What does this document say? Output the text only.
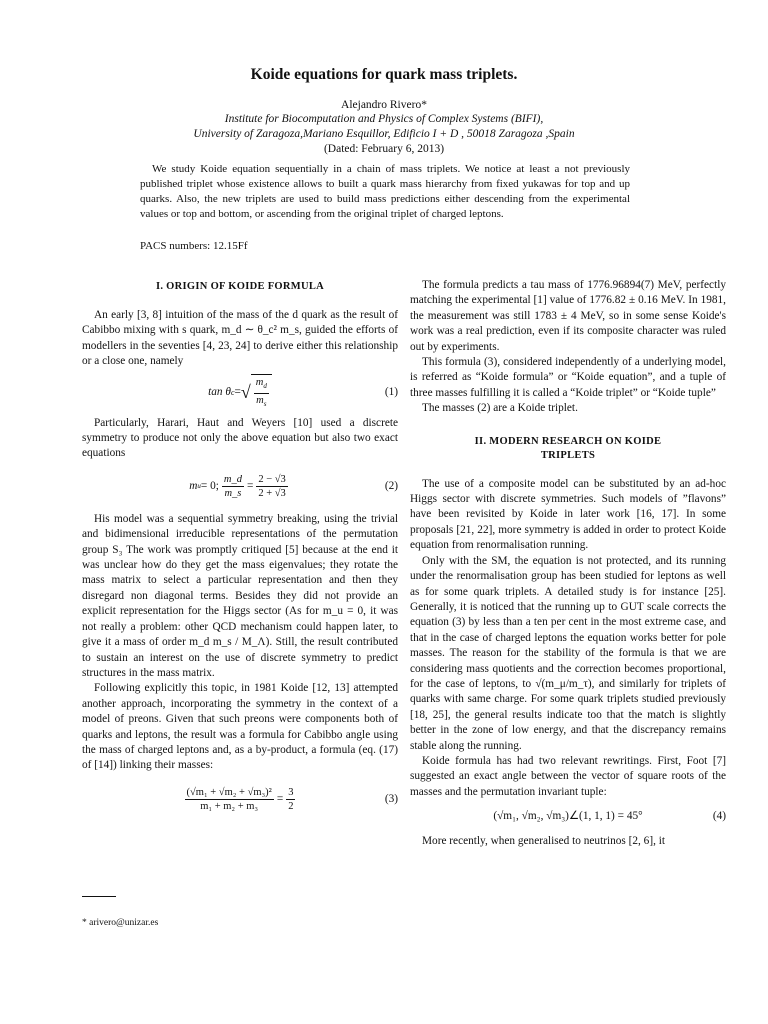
Koide equations for quark mass triplets.
Alejandro Rivero*
Institute for Biocomputation and Physics of Complex Systems (BIFI),
University of Zaragoza,Mariano Esquillor, Edificio I + D , 50018 Zaragoza ,Spain
(Dated: February 6, 2013)

We study Koide equation sequentially in a chain of mass triplets. We notice at least a not previously published triplet whose existence allows to built a quark mass hierarchy from fixed yukawas for top and up quarks. Also, the new triplets are used to build mass predictions either descending from the experimental values or top and bottom, or ascending from the original triplet of charged leptons.

PACS numbers: 12.15Ff
I. ORIGIN OF KOIDE FORMULA

An early [3, 8] intuition of the mass of the d quark as the result of Cabibbo mixing with s quark, m_d ∼ θ_c² m_s, guided the efforts of modellers in the seventies [4, 23, 24] to derive either this relationship or a close one, namely

tan θ c = √ $\frac{m_d}{m_s}$	(1)

Particularly, Harari, Haut and Weyers [10] used a discrete symmetry to produce not only the above equation but also two exact equations

m u = 0; $\frac{m\_d}{m\_s} = \frac{2 - √3}{2 + √3}$	(2)

His model was a sequential symmetry breaking, using the trivial and bidimensional irreducible representations of the permutation group S₃ The work was promptly critiqued [5] because at the end it was unclear how do they get the mass eigenvalues; they rotate the mass matrix to select a particular representation and then they disregard non diagonal terms. Besides they did not provide an explicit representation for the Higgs sector (As for m_u = 0, it was not really a problem: other QCD mechanism could happen later, to give it a mass of order m_d m_s / M_Λ). Still, the result contributed to sustain an interest on the use of discrete symmetry to predict structures in the mass matrix.

Following explicitly this topic, in 1981 Koide [12, 13] attempted another approach, incorporating the symmetry in the context of a model of preons. Given that such preons were components both of quarks and leptons, the result was a formula for Cabibbo angle using the mass of charged leptons and, as a by-product, a formula (eq. (17) of [14]) linking their masses:

$\frac{\text{(√m₁ + √m₂ + √m₃)²}}{\text{m₁ + m₂ + m₃}} = \frac{3}{2}$	(3)
* arivero@unizar.es

The formula predicts a tau mass of 1776.96894(7) MeV, perfectly matching the experimental [1] value of 1776.82 ± 0.16 MeV. In 1981, the measurement was still 1783 ± 4 MeV, so in some sense Koide's work was a real prediction, even if its composite character was ruled out by experiments.

This formula (3), considered independently of a underlying model, is referred as “Koide formula” or “Koide equation”, and a tuple of three masses fulfilling it is called a “Koide triplet” or “Koide tuple”

The masses (2) are a Koide triplet.

II. MODERN RESEARCH ON KOIDE
TRIPLETS

The use of a composite model can be substituted by an ad-hoc Higgs sector with discrete symmetries. Such models of ”flavons” have been revisited by Koide in later work [16, 17]. In some proposals [21, 22], more symmetry is added in order to protect Koide equation from renormalisation running.

Only with the SM, the equation is not protected, and its running under the renormalisation group has been studied for leptons as well as for some quark triplets. A detailed study is for instance [25]. Generally, it is noticed that the running up to GUT scale corrects the equation (3) by less than a ten per cent in the most extreme case, and that in the case of charged leptons the equation works better for pole masses. The reason for the stability of the formula is that we are considering mass quotients and the correction becomes proportional, for the case of leptons, to √(m_μ/m_τ), and similarly for triplets of quarks with same charge. For some quark triplets studied previously [18, 25], the general results indicate too that the match is slightly better in the zone of low energy, and that the discrepancy remains stable along the running.

Koide formula has had two relevant rewritings. First, Foot [7] suggested an exact angle between the vector of square roots of the masses and the permutation invariant tuple:

(√m₁, √m₂, √m₃)∠(1, 1, 1) = 45°	(4)

More recently, when generalised to neutrinos [2, 6], it
